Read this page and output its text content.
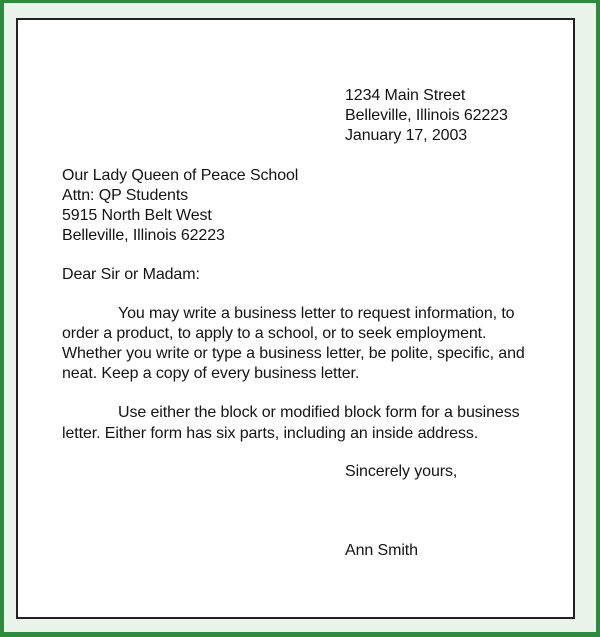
1234 Main Street
Belleville, Illinois 62223
January 17, 2003
Our Lady Queen of Peace School
Attn: QP Students
5915 North Belt West
Belleville, Illinois 62223
Dear Sir or Madam:
You may write a business letter to request information, to
order a product, to apply to a school, or to seek employment.
Whether you write or type a business letter, be polite, specific, and
neat. Keep a copy of every business letter.
Use either the block or modified block form for a business
letter. Either form has six parts, including an inside address.
Sincerely yours,
Ann Smith
